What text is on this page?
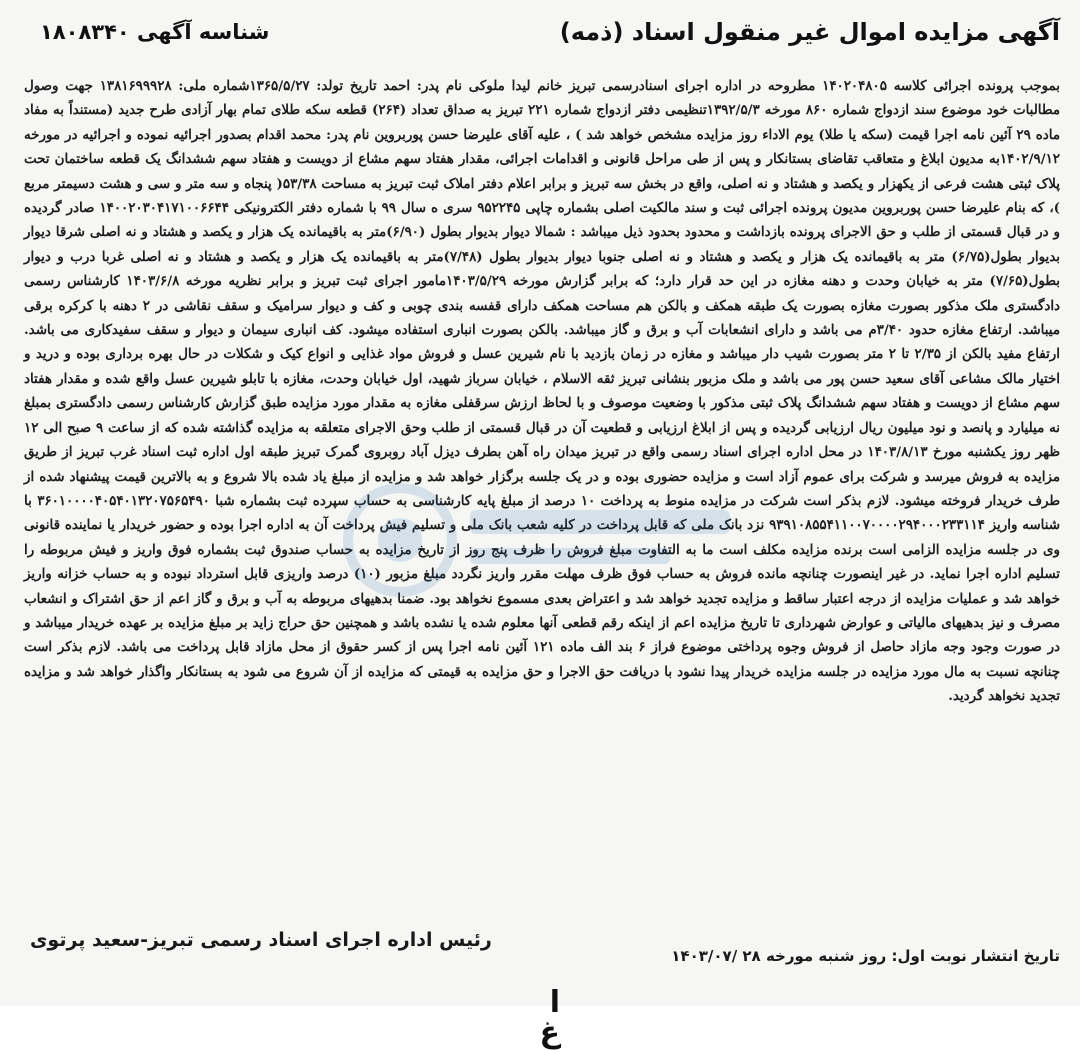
آگهی مزایده اموال غیر منقول اسناد (ذمه)
شناسه آگهی ۱۸۰۸۳۴۰

بموجب پرونده اجرائی کلاسه ۱۴۰۲۰۴۸۰۵ مطروحه در اداره اجرای اسنادرسمی تبریز خانم لیدا ملوکی نام پدر: احمد تاریخ تولد: ۱۳۶۵/۵/۲۷شماره ملی: ۱۳۸۱۶۹۹۹۲۸ جهت وصول مطالبات خود موضوع سند ازدواج شماره ۸۶۰ مورخه ۱۳۹۲/۵/۳تنظیمی دفتر ازدواج شماره ۲۲۱ تبریز به صداق تعداد (۲۶۴) قطعه سکه طلای تمام بهار آزادی طرح جدید (مستنداً به مفاد ماده ۲۹ آئین نامه اجرا قیمت (سکه یا طلا) یوم الاداء روز مزایده مشخص خواهد شد ) ، علیه آقای علیرضا حسن پوربروین نام پدر: محمد اقدام بصدور اجرائیه نموده و اجرائیه در مورخه ۱۴۰۲/۹/۱۲به مدیون ابلاغ و متعاقب تقاضای بستانکار و پس از طی مراحل قانونی و اقدامات اجرائی، مقدار هفتاد سهم مشاع از دویست و هفتاد سهم ششدانگ یک قطعه ساختمان تحت پلاک ثبتی هشت فرعی از یکهزار و یکصد و هشتاد و نه اصلی، واقع در بخش سه تبریز و برابر اعلام دفتر املاک ثبت تبریز به مساحت ۵۳/۳۸( پنجاه و سه متر و سی و هشت دسیمتر مربع )، که بنام علیرضا حسن پوربروین مدیون پرونده اجرائی ثبت و سند مالکیت اصلی بشماره چاپی ۹۵۲۲۴۵ سری ه سال ۹۹ با شماره دفتر الکترونیکی ۱۴۰۰۲۰۳۰۴۱۷۱۰۰۶۶۴۴ صادر گردیده و در قبال قسمتی از طلب و حق الاجرای پرونده بازداشت و محدود بحدود ذیل میباشد : شمالا دیوار بدیوار بطول (۶/۹۰)متر به باقیمانده یک هزار و یکصد و هشتاد و نه اصلی شرقا دیوار بدیوار بطول(۶/۷۵) متر به باقیمانده یک هزار و یکصد و هشتاد و نه اصلی جنوبا دیوار بدیوار بطول (۷/۴۸)متر به باقیمانده یک هزار و یکصد و هشتاد و نه اصلی غربا درب و دیوار بطول(۷/۶۵) متر به خیابان وحدت و دهنه مغازه در این حد قرار دارد؛ که برابر گزارش مورخه ۱۴۰۳/۵/۲۹مامور اجرای ثبت تبریز و برابر نظریه مورخه ۱۴۰۳/۶/۸ کارشناس رسمی دادگستری ملک مذکور بصورت مغازه بصورت یک طبقه همکف و بالکن هم مساحت همکف دارای قفسه بندی چوبی و کف و دیوار سرامیک و سقف نقاشی در ۲ دهنه با کرکره برقی میباشد. ارتفاع مغازه حدود ۳/۴۰م می باشد و دارای انشعابات آب و برق و گاز میباشد. بالکن بصورت انباری استفاده میشود. کف انباری سیمان و دیوار و سقف سفیدکاری می باشد. ارتفاع مفید بالکن از ۲/۳۵ تا ۲ متر بصورت شیب دار میباشد و مغازه در زمان بازدید با نام شیرین عسل و فروش مواد غذایی و انواع کیک و شکلات در حال بهره برداری بوده و درید و اختیار مالک مشاعی آقای سعید حسن پور می باشد و ملک مزبور بنشانی تبریز ثقه الاسلام ، خیابان سرباز شهید، اول خیابان وحدت، مغازه با تابلو شیرین عسل واقع شده و مقدار هفتاد سهم مشاع از دویست و هفتاد سهم ششدانگ پلاک ثبتی مذکور با وضعیت موصوف و با لحاظ ارزش سرقفلی مغازه به مقدار مورد مزایده طبق گزارش کارشناس رسمی دادگستری بمبلغ نه میلیارد و پانصد و نود میلیون ریال ارزیابی گردیده و پس از ابلاغ ارزیابی و قطعیت آن در قبال قسمتی از طلب وحق الاجرای متعلقه به مزایده گذاشته شده که از ساعت ۹ صبح الی ۱۲ ظهر روز یکشنبه مورخ ۱۴۰۳/۸/۱۳ در محل اداره اجرای اسناد رسمی واقع در تبریز میدان راه آهن بطرف دیزل آباد روبروی گمرک تبریز طبقه اول اداره ثبت اسناد غرب تبریز از طریق مزایده به فروش میرسد و شرکت برای عموم آزاد است و مزایده حضوری بوده و در یک جلسه برگزار خواهد شد و مزایده از مبلغ یاد شده بالا شروع و به بالاترین قیمت پیشنهاد شده از طرف خریدار فروخته میشود. لازم بذکر است شرکت در مزایده منوط به پرداخت ۱۰ درصد از مبلغ پایه کارشناسی به حساب سپرده ثبت بشماره شبا ۳۶۰۱۰۰۰۰۴۰۵۴۰۱۳۲۰۷۵۶۵۴۹۰ با شناسه واریز ۹۳۹۱۰۸۵۵۴۱۱۰۰۷۰۰۰۰۲۹۴۰۰۰۲۳۳۱۱۴ نزد بانک ملی که قابل پرداخت در کلیه شعب بانک ملی و تسلیم فیش پرداخت آن به اداره اجرا بوده و حضور خریدار یا نماینده قانونی وی در جلسه مزایده الزامی است برنده مزایده مکلف است ما به التفاوت مبلغ فروش را ظرف پنج روز از تاریخ مزایده به حساب صندوق ثبت بشماره فوق واریز و فیش مربوطه را تسلیم اداره اجرا نماید. در غیر اینصورت چنانچه مانده فروش به حساب فوق ظرف مهلت مقرر واریز نگردد مبلغ مزبور (۱۰) درصد واریزی قابل استرداد نبوده و به حساب خزانه واریز خواهد شد و عملیات مزایده از درجه اعتبار ساقط و مزایده تجدید خواهد شد و اعتراض بعدی مسموع نخواهد بود. ضمنا بدهیهای مربوطه به آب و برق و گاز اعم از حق اشتراک و انشعاب مصرف و نیز بدهیهای مالیاتی و عوارض شهرداری تا تاریخ مزایده اعم از اینکه رقم قطعی آنها معلوم شده یا نشده باشد و همچنین حق حراج زاید بر مبلغ مزایده بر عهده خریدار میباشد و در صورت وجود وجه مازاد حاصل از فروش وجوه پرداختی موضوع فراز ۶ بند الف ماده ۱۲۱ آئین نامه اجرا پس از کسر حقوق از محل مازاد قابل پرداخت می باشد. لازم بذکر است چنانچه نسبت به مال مورد مزایده در جلسه مزایده خریدار پیدا نشود با دریافت حق الاجرا و حق مزایده به قیمتی که مزایده از آن شروع می شود به بستانکار واگذار خواهد شد و مزایده تجدید نخواهد گردید.

تاریخ انتشار نوبت اول: روز شنبه مورخه ۲۸ /۱۴۰۳/۰۷
رئیس اداره اجرای اسناد رسمی تبریز-سعید پرتوی
ا غ
